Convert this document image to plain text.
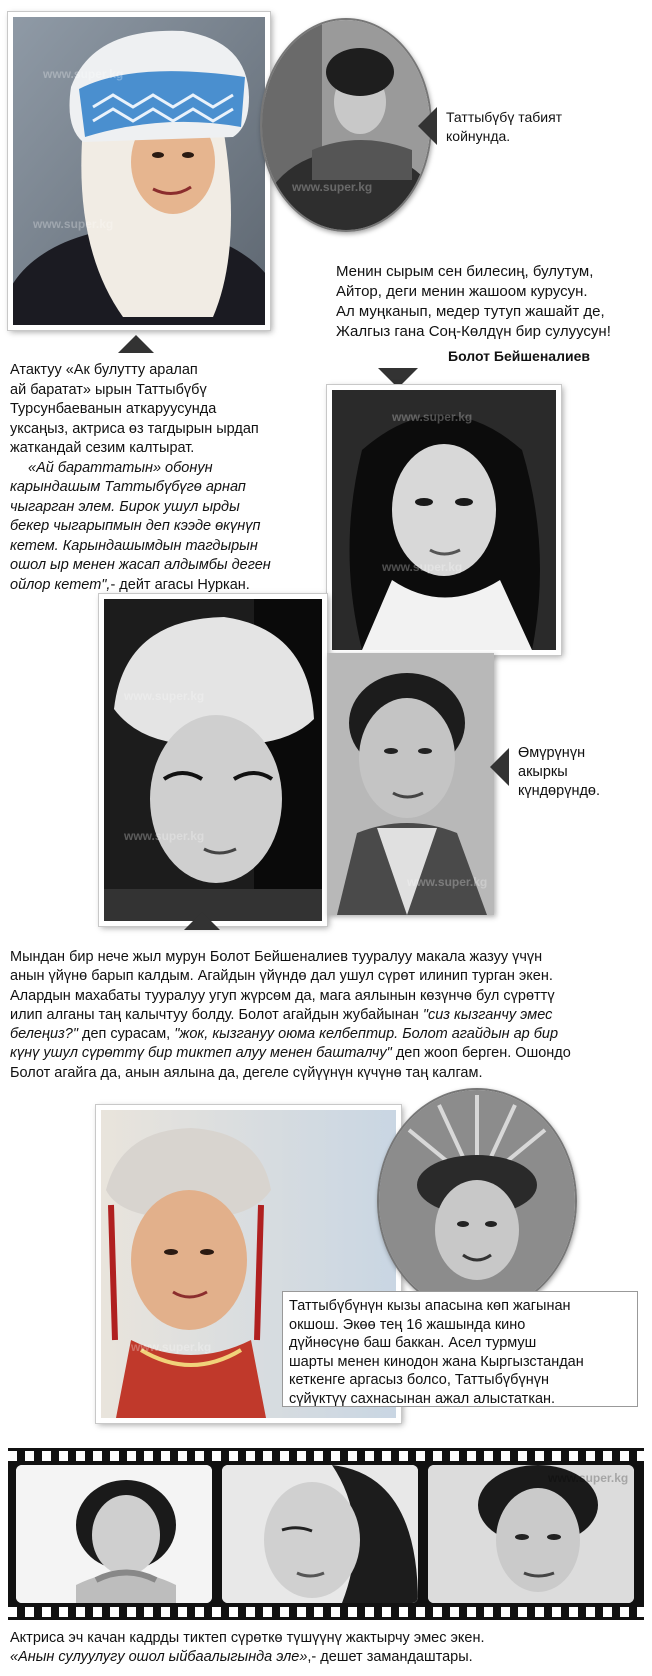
www.super.kg
www.super.kg
www.super.kg
Таттыбүбү табият койнунда.
Менин сырым сен билесиң, булутум,
Айтор, деги менин жашоом курусун.
Ал муңканып, медер тутуп жашайт де,
Жалгыз гана Соң-Көлдүн бир сулуусун!
Болот Бейшеналиев
Атактуу «Ак булутту аралап
ай баратат» ырын Таттыбүбү
Турсунбаеванын аткаруусунда
уксаңыз, актриса өз тагдырын ырдап
жаткандай сезим калтырат.
«Ай бараттатын» обонун
карындашым Таттыбүбүгө арнап
чыгарган элем. Бирок ушул ырды
бекер чыгарыпмын деп кээде өкүнүп
кетем. Карындашымдын тагдырын
ошол ыр менен жасап алдымбы деген
ойлор кетет",- дейт агасы Нуркан.
www.super.kg
www.super.kg
www.super.kg
www.super.kg
www.super.kg
Өмүрүнүн акыркы күндөрүндө.
Мындан бир нече жыл мурун Болот Бейшеналиев тууралуу макала жазуу үчүн
анын үйүнө барып калдым. Агайдын үйүндө дал ушул сүрөт илинип турган экен.
Алардын махабаты тууралуу угуп жүрсөм да, мага аялынын көзүнчө бул сүрөттү
илип алганы таң калычтуу болду. Болот агайдын жубайынан "сиз кызганчу эмес
белеңиз?" деп сурасам, "жок, кызгануу оюма келбептир. Болот агайдын ар бир
күнү ушул сүрөттү бир тиктеп алуу менен башталчу" деп жооп берген. Ошондо
Болот агайга да, анын аялына да, дегеле сүйүүнүн күчүнө таң калгам.
www.super.kg
Таттыбүбүнүн кызы апасына көп жагынан
окшош. Экөө тең 16 жашында кино
дүйнөсүнө баш баккан. Асел турмуш
шарты менен кинодон жана Кыргызстандан
кеткенге аргасыз болсо, Таттыбүбүнүн
сүйүктүү сахнасынан ажал алыстаткан.
www.super.kg
Актриса эч качан кадрды тиктеп сүрөткө түшүүнү жактырчу эмес экен.
«Анын сулуулугу ошол ыйбаалыгында эле»,- дешет замандаштары.
